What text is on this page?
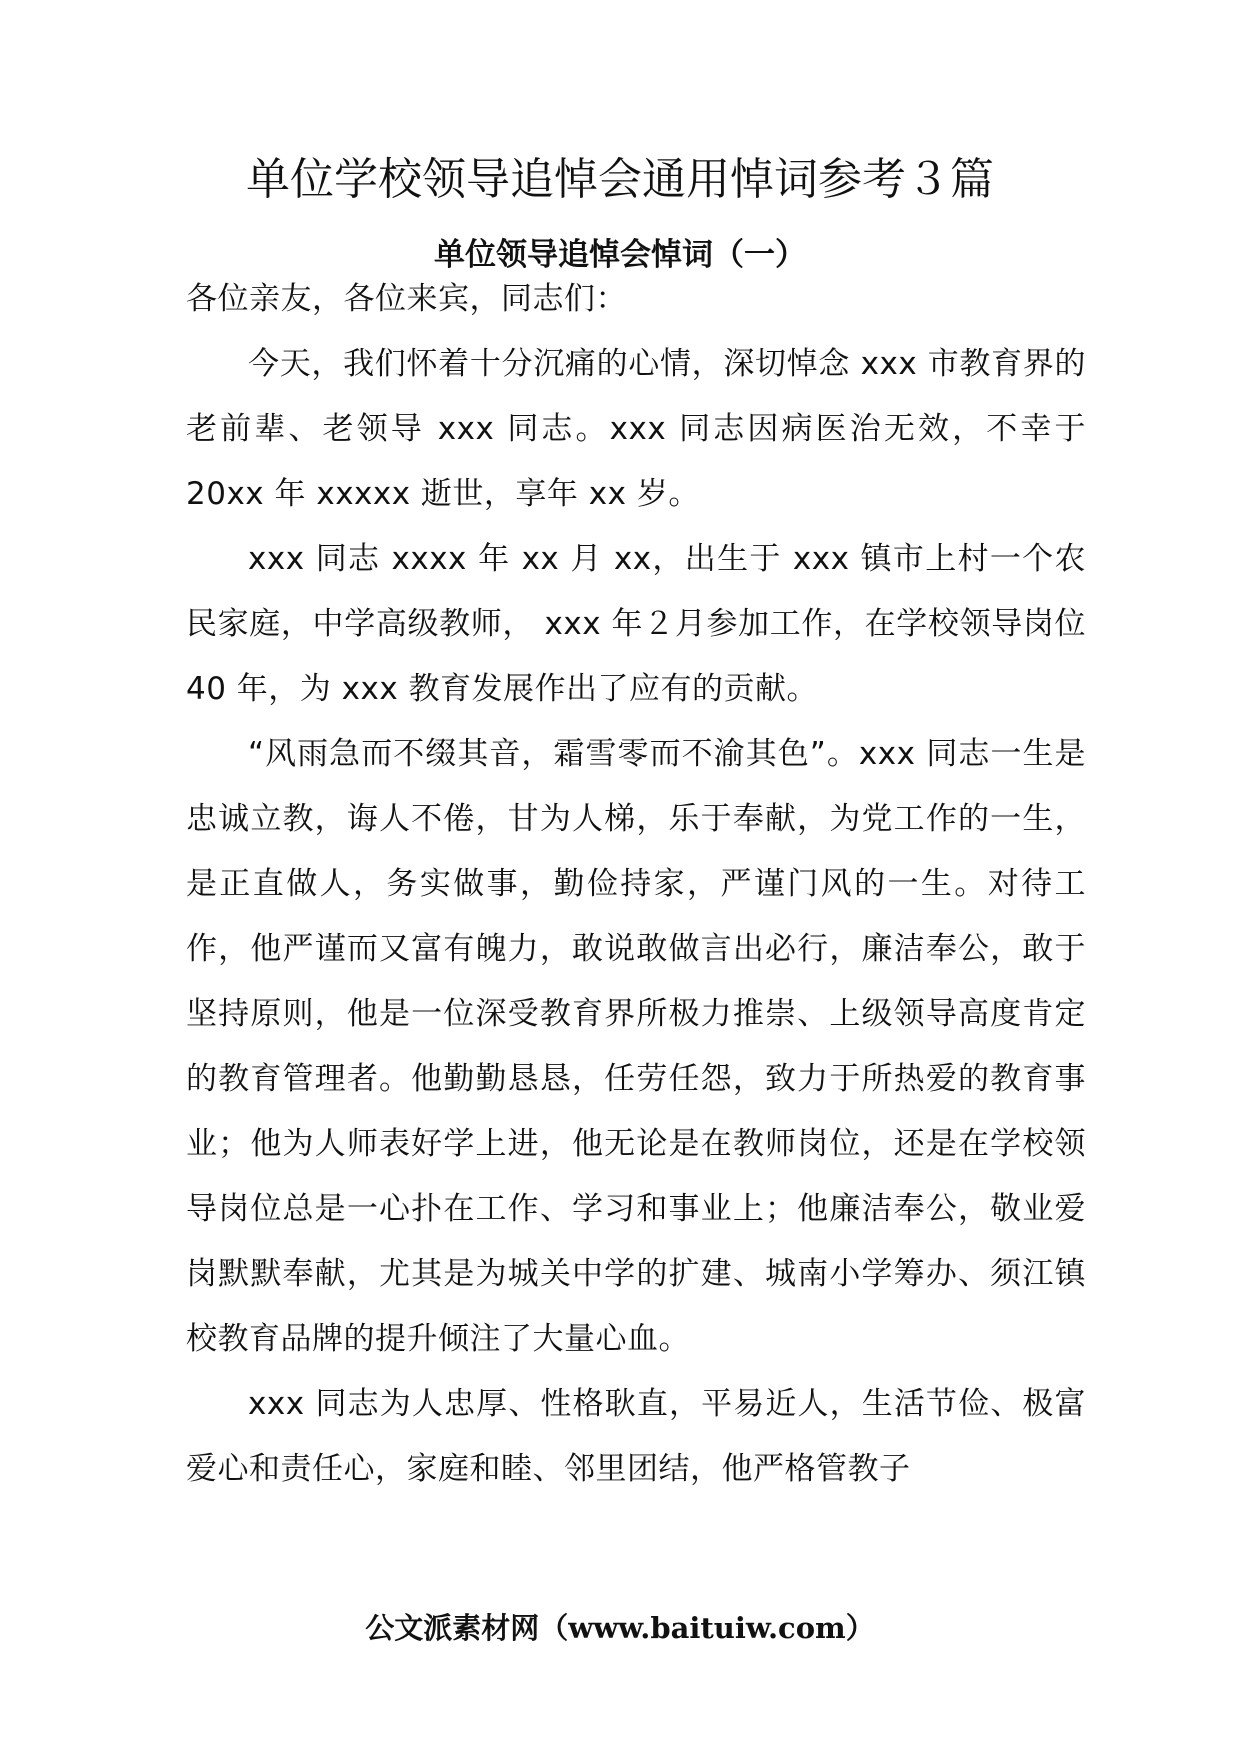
单位学校领导追悼会通用悼词参考３篇
单位领导追悼会悼词（一）

各位亲友，各位来宾，同志们：

今天，我们怀着十分沉痛的心情，深切悼念 xxx 市教育界的老前辈、老领导 xxx 同志。xxx 同志因病医治无效，不幸于 20xx 年 xxxxx 逝世，享年 xx 岁。

xxx 同志 xxxx 年 xx 月 xx，出生于 xxx 镇市上村一个农民家庭，中学高级教师， xxx 年２月参加工作，在学校领导岗位 40 年，为 xxx 教育发展作出了应有的贡献。

“风雨急而不缀其音，霜雪零而不渝其色”。xxx 同志一生是忠诚立教，诲人不倦，甘为人梯，乐于奉献，为党工作的一生，是正直做人，务实做事，勤俭持家，严谨门风的一生。对待工作，他严谨而又富有魄力，敢说敢做言出必行，廉洁奉公，敢于坚持原则，他是一位深受教育界所极力推崇、上级领导高度肯定的教育管理者。他勤勤恳恳，任劳任怨，致力于所热爱的教育事业；他为人师表好学上进，他无论是在教师岗位，还是在学校领导岗位总是一心扑在工作、学习和事业上；他廉洁奉公，敬业爱岗默默奉献，尤其是为城关中学的扩建、城南小学筹办、须江镇校教育品牌的提升倾注了大量心血。

xxx 同志为人忠厚、性格耿直，平易近人，生活节俭、极富爱心和责任心，家庭和睦、邻里团结，他严格管教子

公文派素材网（www.baituiw.com）
